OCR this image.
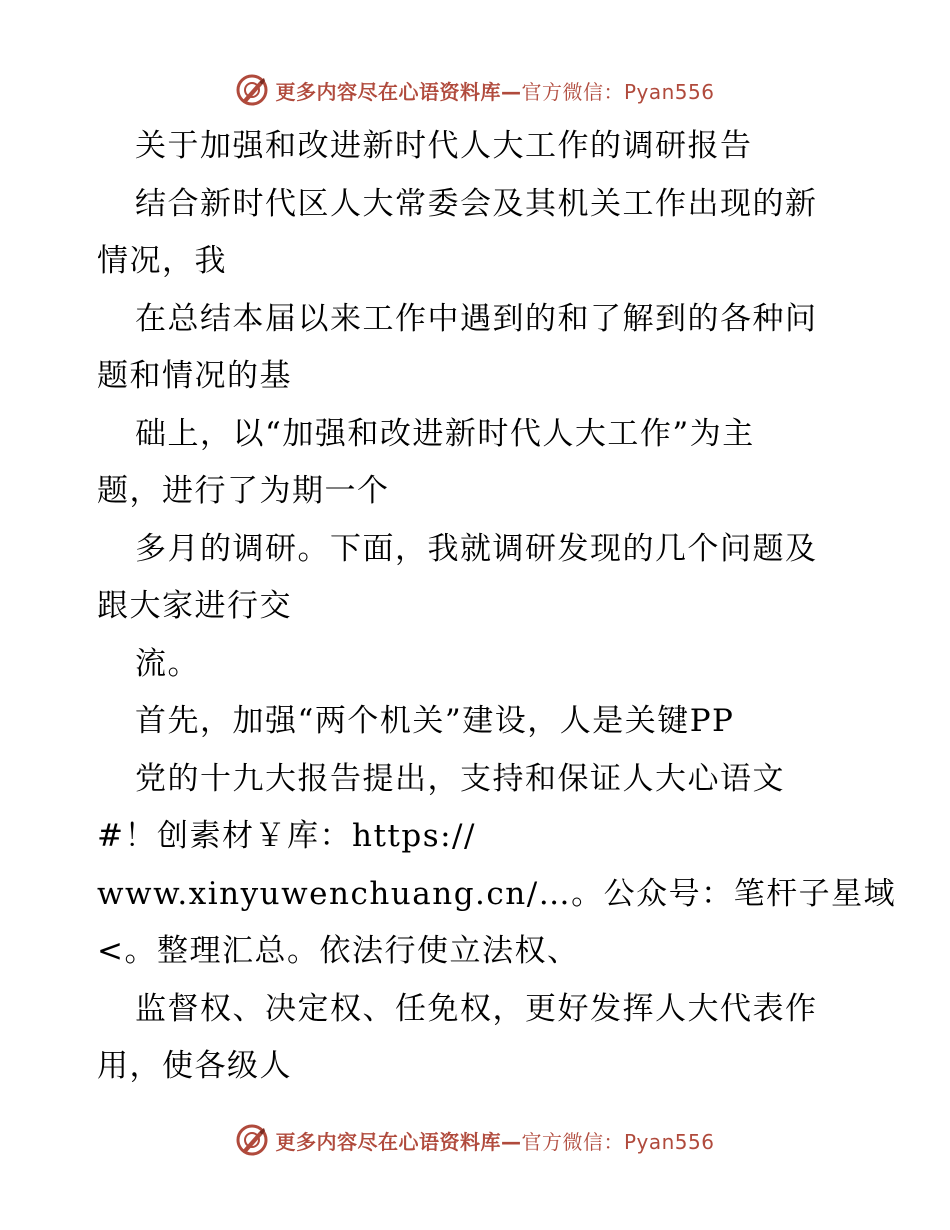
更多内容尽在心语资料库—官方微信：Pyan556
关于加强和改进新时代人大工作的调研报告
结合新时代区人大常委会及其机关工作出现的新
情况，我
在总结本届以来工作中遇到的和了解到的各种问
题和情况的基
础上，以“加强和改进新时代人大工作”为主
题，进行了为期一个
多月的调研。下面，我就调研发现的几个问题及
跟大家进行交
流。
首先，加强“两个机关”建设，人是关键PP
党的十九大报告提出，支持和保证人大心语文
#！创素材￥库：https://
www.xinyuwenchuang.cn/…。公众号：笔杆子星域
<。整理汇总。依法行使立法权、
监督权、决定权、任免权，更好发挥人大代表作
用，使各级人
更多内容尽在心语资料库—官方微信：Pyan556
